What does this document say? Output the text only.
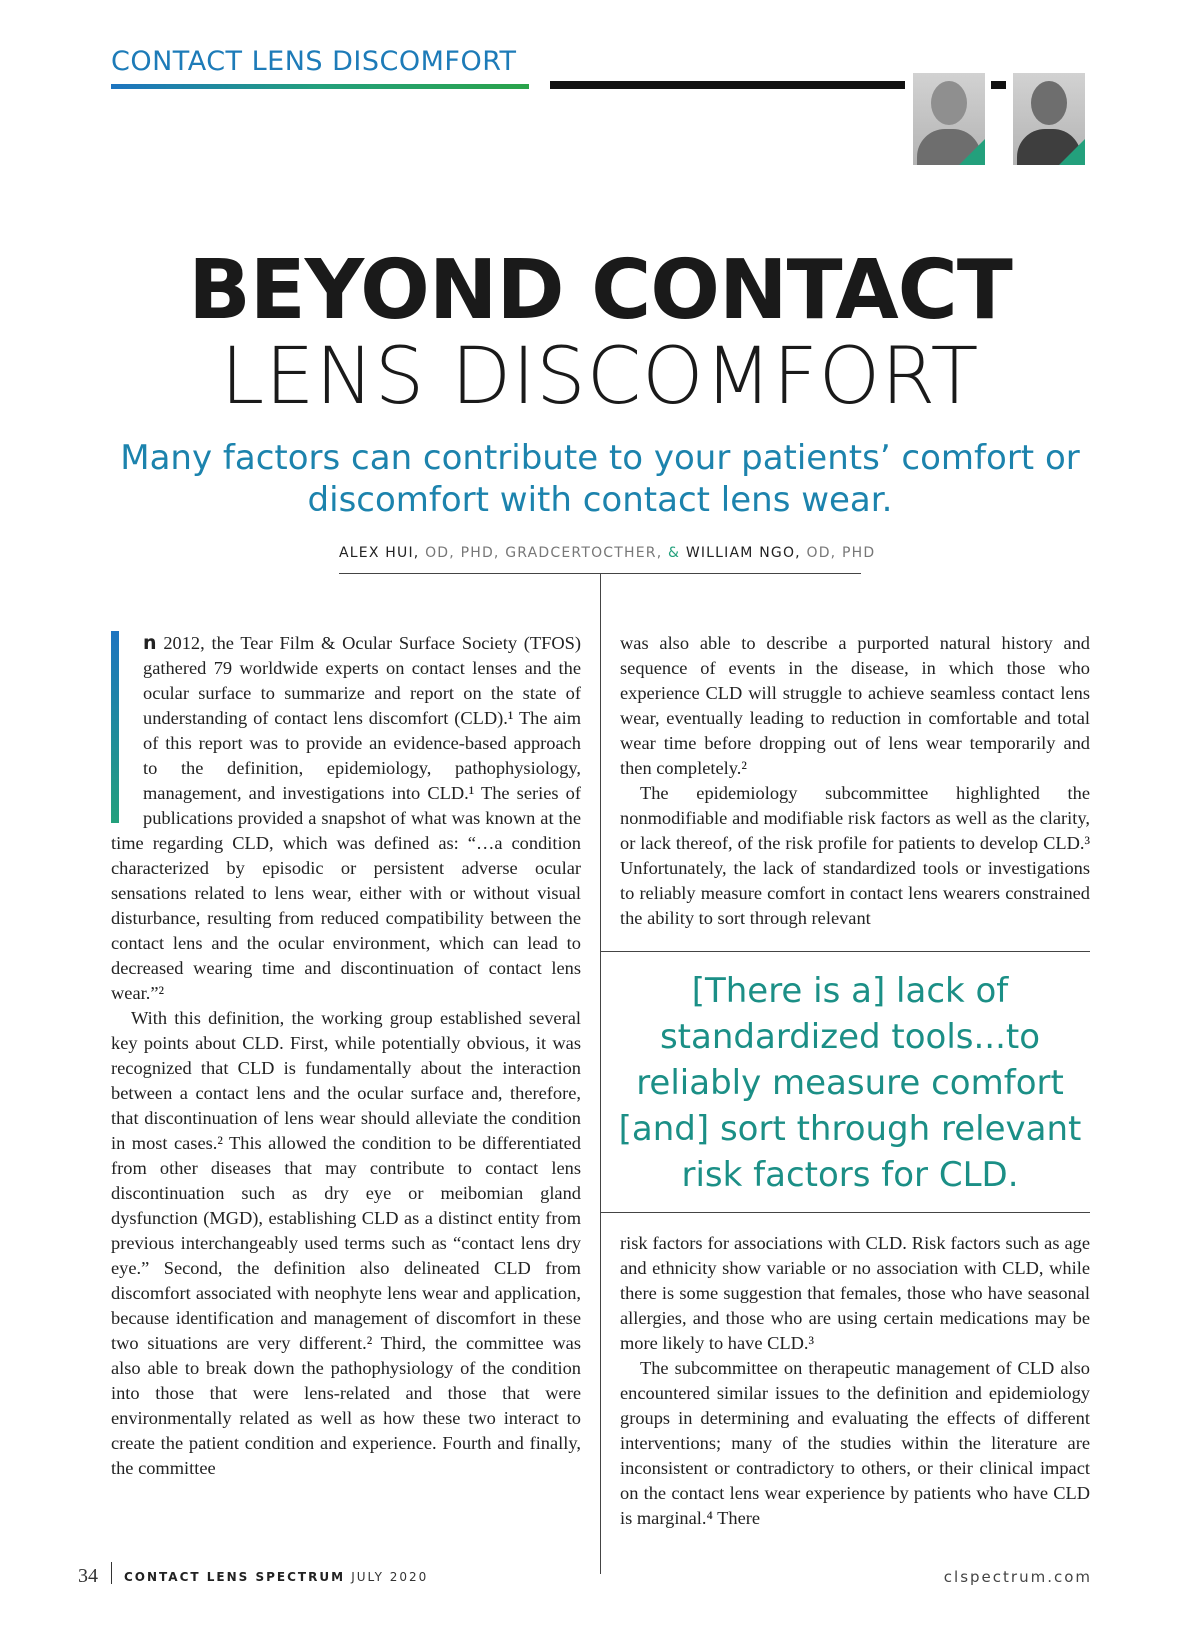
CONTACT LENS DISCOMFORT
BEYOND CONTACT
LENS DISCOMFORT
Many factors can contribute to your patients’ comfort or discomfort with contact lens wear.
ALEX HUI, OD, PHD, GRADCERTOCTHER, & WILLIAM NGO, OD, PHD

n 2012, the Tear Film & Ocular Surface Society (TFOS) gathered 79 worldwide experts on contact lenses and the ocular surface to summarize and report on the state of understanding of contact lens discomfort (CLD).¹ The aim of this report was to provide an evidence-based approach to the definition, epidemiology, pathophysiology, management, and investigations into CLD.¹ The series of publications provided a snapshot of what was known at the time regarding CLD, which was defined as: “…a condition characterized by episodic or persistent adverse ocular sensations related to lens wear, either with or without visual disturbance, resulting from reduced compatibility between the contact lens and the ocular environment, which can lead to decreased wearing time and discontinuation of contact lens wear.”²

With this definition, the working group established several key points about CLD. First, while potentially obvious, it was recognized that CLD is fundamentally about the interaction between a contact lens and the ocular surface and, therefore, that discontinuation of lens wear should alleviate the condition in most cases.² This allowed the condition to be differentiated from other diseases that may contribute to contact lens discontinuation such as dry eye or meibomian gland dysfunction (MGD), establishing CLD as a distinct entity from previous interchangeably used terms such as “contact lens dry eye.” Second, the definition also delineated CLD from discomfort associated with neophyte lens wear and application, because identification and management of discomfort in these two situations are very different.² Third, the committee was also able to break down the pathophysiology of the condition into those that were lens-related and those that were environmentally related as well as how these two interact to create the patient condition and experience. Fourth and finally, the committee

was also able to describe a purported natural history and sequence of events in the disease, in which those who experience CLD will struggle to achieve seamless contact lens wear, eventually leading to reduction in comfortable and total wear time before dropping out of lens wear temporarily and then completely.²

The epidemiology subcommittee highlighted the nonmodifiable and modifiable risk factors as well as the clarity, or lack thereof, of the risk profile for patients to develop CLD.³ Unfortunately, the lack of standardized tools or investigations to reliably measure comfort in contact lens wearers constrained the ability to sort through relevant

[There is a] lack of standardized tools...to reliably measure comfort [and] sort through relevant risk factors for CLD.

risk factors for associations with CLD. Risk factors such as age and ethnicity show variable or no association with CLD, while there is some suggestion that females, those who have seasonal allergies, and those who are using certain medications may be more likely to have CLD.³

The subcommittee on therapeutic management of CLD also encountered similar issues to the definition and epidemiology groups in determining and evaluating the effects of different interventions; many of the studies within the literature are inconsistent or contradictory to others, or their clinical impact on the contact lens wear experience by patients who have CLD is marginal.⁴ There

34 CONTACT LENS SPECTRUM JULY 2020	clspectrum.com
